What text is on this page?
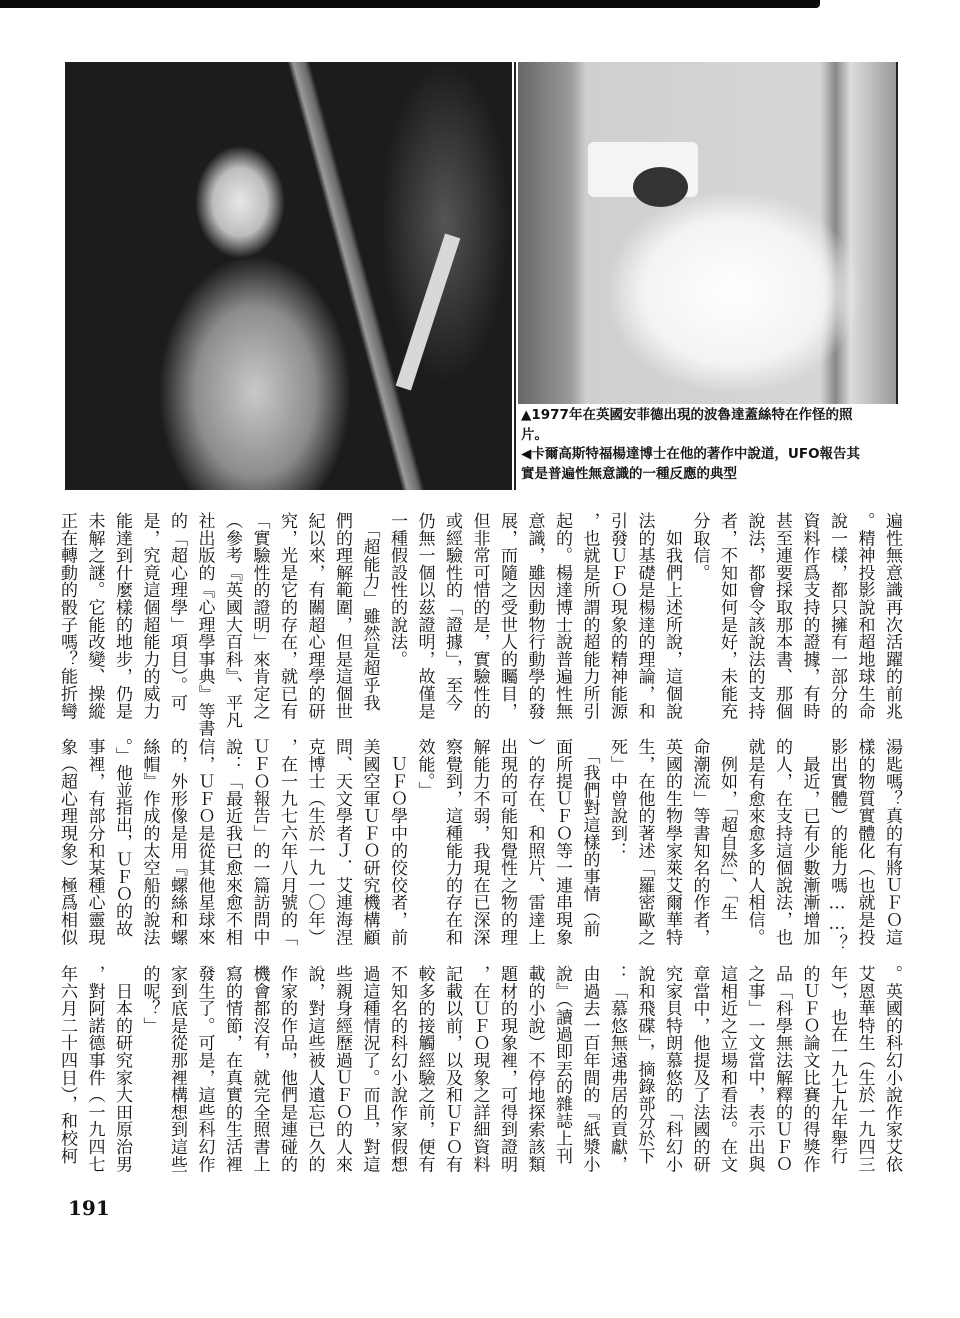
▲1977年在英國安菲德出現的波魯達蓋絲特在作怪的照片。

◀卡爾高斯特福楊達博士在他的著作中說道，UFO報告其實是普遍性無意識的一種反應的典型

遍性無意識再次活躍的前兆
。精神投影說和超地球生命
說一樣，都只擁有一部分的
資料作爲支持的證據，有時
甚至連要採取那本書、那個
說法，都會令該說法的支持
者，不知如何是好，未能充
分取信。
　如我們上述所說，這個說
法的基礎是楊達的理論，和
引發ＵＦＯ現象的精神能源
，也就是所謂的超能力所引
起的。楊達博士說普遍性無
意識，雖因動物行動學的發
展，而隨之受世人的矚目，
但非常可惜的是，實驗性的
或經驗性的「證據」，至今
仍無一個以茲證明，故僅是
一種假設性的說法。
　「超能力」雖然是超乎我
們的理解範圍，但是這個世
紀以來，有關超心理學的研
究，光是它的存在，就已有
「實驗性的證明」來肯定之
（參考『英國大百科』、平凡
社出版的『心理學事典』等書
的「超心理學」項目）。可
是，究竟這個超能力的威力
能達到什麼樣的地步，仍是
未解之謎。它能改變、操縱
正在轉動的骰子嗎？能折彎
湯匙嗎？真的有將ＵＦＯ這
樣的物質實體化（也就是投
影出實體）的能力嗎……？
　最近，已有少數漸漸增加
的人，在支持這個說法，也
就是有愈來愈多的人相信。
　例如，「超自然」、「生
命潮流」等書知名的作者，
英國的生物學家萊艾爾華特
生，在他的著述「羅密歐之
死」中曾說到：
　「我們對這樣的事情（前
面所提ＵＦＯ等一連串現象
）的存在、和照片、雷達上
出現的可能知覺性之物的理
解能力不弱，我現在已深深
察覺到，這種能力的存在和
效能。」
　ＵＦＯ學中的佼佼者，前
美國空軍ＵＦＯ研究機構顧
問、天文學者Ｊ．艾連海涅
克博士（生於一九一〇年）
，在一九七六年八月號的「
ＵＦＯ報告」的一篇訪問中
說：「最近我已愈來愈不相
信，ＵＦＯ是從其他星球來
的，外形像是用『螺絲和螺
絲帽』作成的太空船的說法
。」他並指出，ＵＦＯ的故
事裡，有部分和某種心靈現
象（超心理現象）極爲相似
。英國的科幻小說作家艾依
艾恩華特生（生於一九四三
年），也在一九七九年舉行
的ＵＦＯ論文比賽的得獎作
品「科學無法解釋的ＵＦＯ
之事」一文當中，表示出與
這相近之立場和看法。在文
章當中，他提及了法國的研
究家貝特朗慕悠的「科幻小
說和飛碟」，摘錄部分於下
：「慕悠無遠弗居的貢獻，
由過去一百年間的『紙漿小
說』（讀過即丟的雜誌上刊
載的小說）不停地探索該類
題材的現象裡，可得到證明
，在ＵＦＯ現象之詳細資料
記載以前，以及和ＵＦＯ有
較多的接觸經驗之前，便有
不知名的科幻小說作家假想
過這種情況了。而且，對這
些親身經歷過ＵＦＯ的人來
說，對這些被人遺忘已久的
作家的作品，他們是連碰的
機會都沒有，就完全照書上
寫的情節，在真實的生活裡
發生了。可是，這些科幻作
家到底是從那裡構想到這些
的呢？」
　日本的研究家大田原治男
，對阿諾德事件（一九四七
年六月二十四日），和校柯
191
